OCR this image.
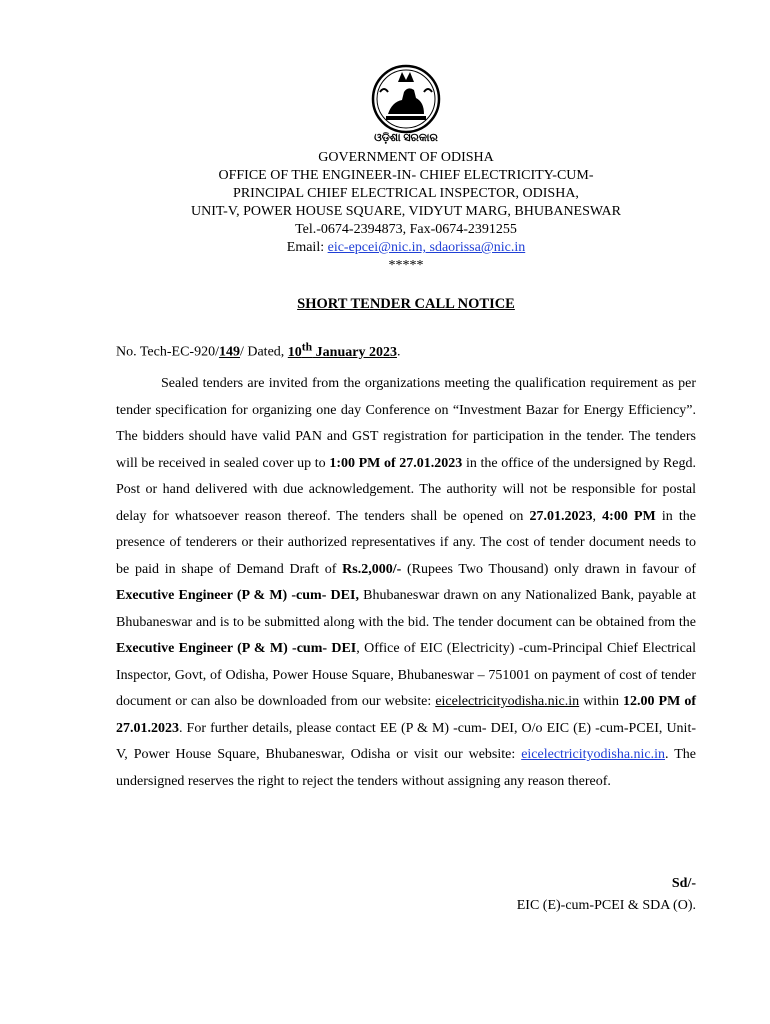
ଓଡ଼ିଶା ସରକାର
GOVERNMENT OF ODISHA
OFFICE OF THE ENGINEER-IN- CHIEF ELECTRICITY-CUM-
PRINCIPAL CHIEF ELECTRICAL INSPECTOR, ODISHA,
UNIT-V, POWER HOUSE SQUARE, VIDYUT MARG, BHUBANESWAR
Tel.-0674-2394873, Fax-0674-2391255
Email: eic-epcei@nic.in, sdaorissa@nic.in
*****
SHORT TENDER CALL NOTICE
No. Tech-EC-920/149/ Dated, 10th January 2023.
Sealed tenders are invited from the organizations meeting the qualification requirement as per tender specification for organizing one day Conference on “Investment Bazar for Energy Efficiency”. The bidders should have valid PAN and GST registration for participation in the tender. The tenders will be received in sealed cover up to 1:00 PM of 27.01.2023 in the office of the undersigned by Regd. Post or hand delivered with due acknowledgement. The authority will not be responsible for postal delay for whatsoever reason thereof. The tenders shall be opened on 27.01.2023, 4:00 PM in the presence of tenderers or their authorized representatives if any. The cost of tender document needs to be paid in shape of Demand Draft of Rs.2,000/- (Rupees Two Thousand) only drawn in favour of Executive Engineer (P & M) -cum- DEI, Bhubaneswar drawn on any Nationalized Bank, payable at Bhubaneswar and is to be submitted along with the bid. The tender document can be obtained from the Executive Engineer (P & M) -cum- DEI, Office of EIC (Electricity) -cum-Principal Chief Electrical Inspector, Govt, of Odisha, Power House Square, Bhubaneswar – 751001 on payment of cost of tender document or can also be downloaded from our website: eicelectricityodisha.nic.in within 12.00 PM of 27.01.2023. For further details, please contact EE (P & M) -cum- DEI, O/o EIC (E) -cum-PCEI, Unit-V, Power House Square, Bhubaneswar, Odisha or visit our website: eicelectricityodisha.nic.in. The undersigned reserves the right to reject the tenders without assigning any reason thereof.
Sd/-
EIC (E)-cum-PCEI & SDA (O).
